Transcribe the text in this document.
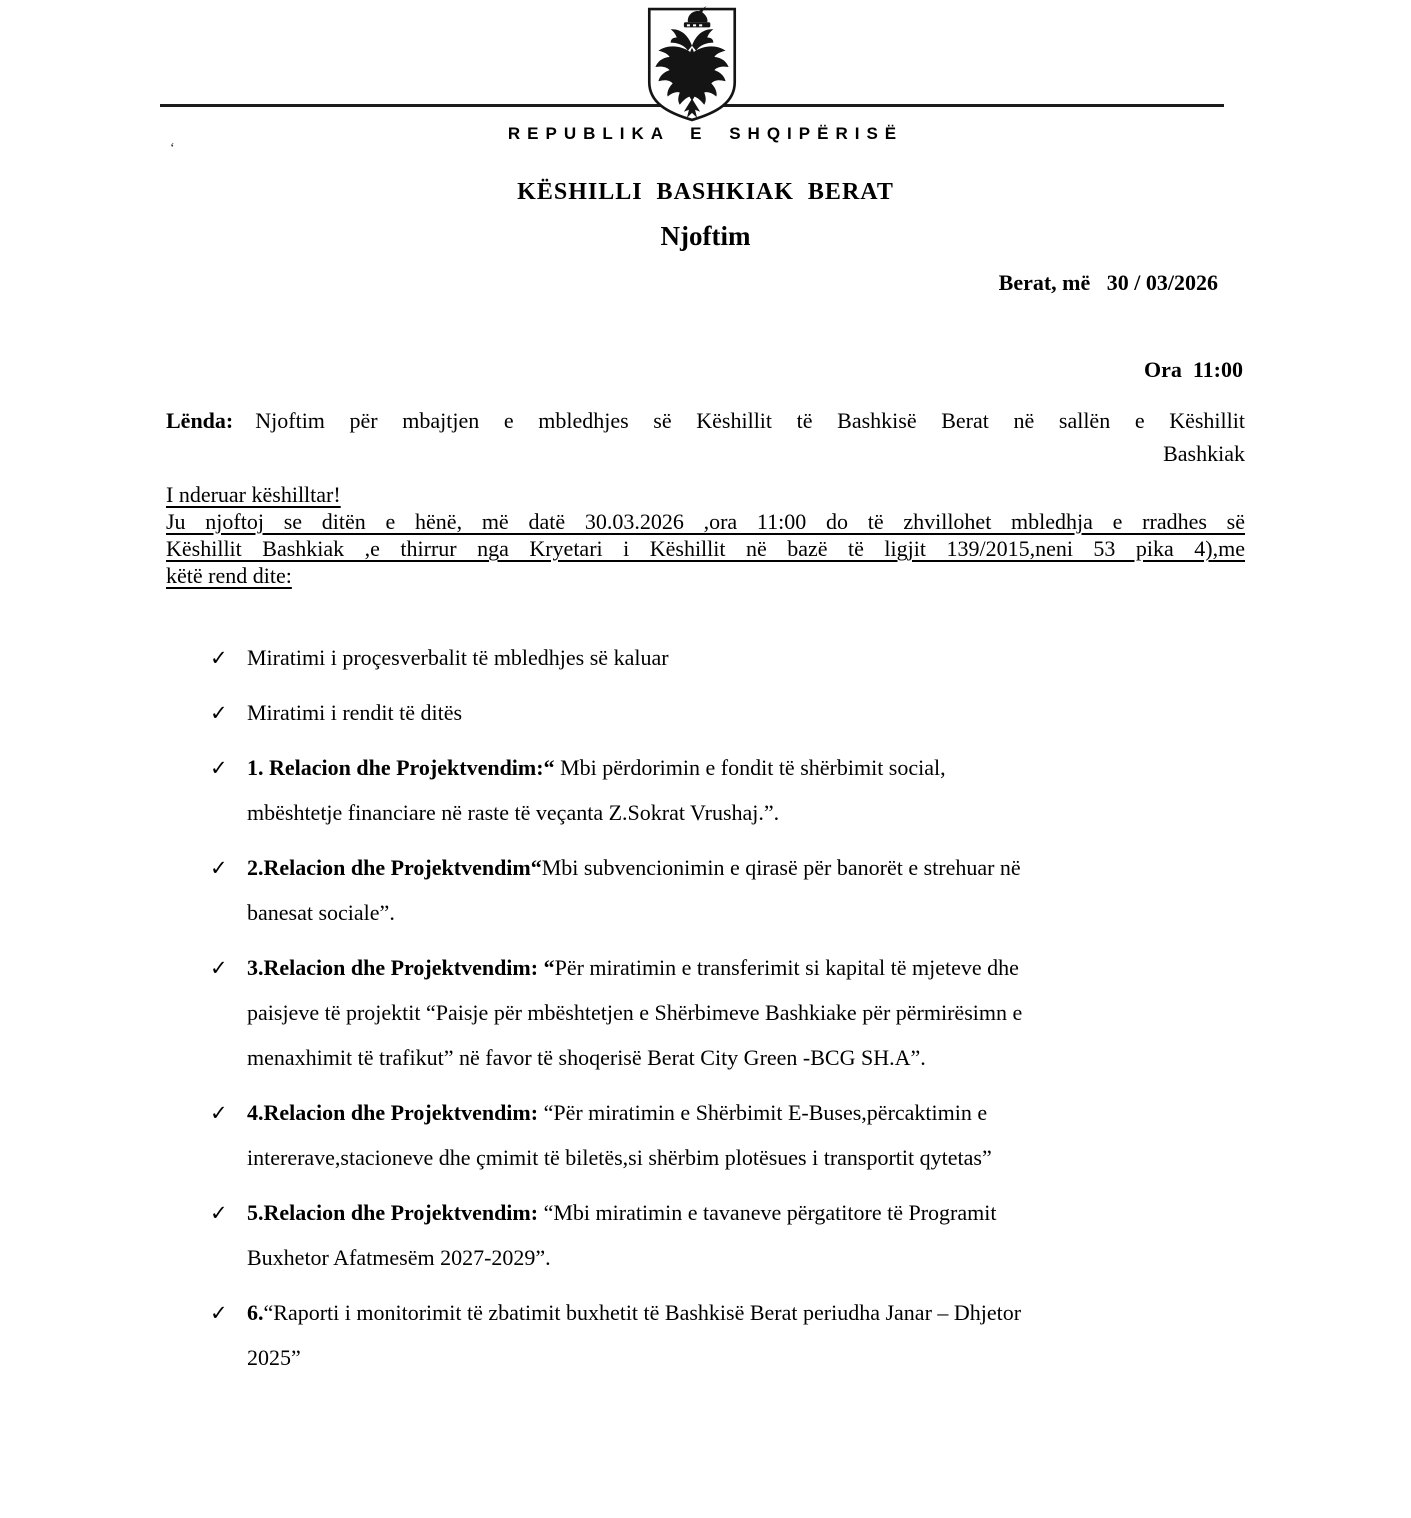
‘
REPUBLIKA E SHQIPËRISË
KËSHILLI  BASHKIAK  BERAT
Njoftim
Berat, më   30 / 03/2026
Ora  11:00
Lënda: Njoftim për mbajtjen e mbledhjes së Këshillit të Bashkisë Berat në sallën e Këshillit
Bashkiak
I nderuar këshilltar!
Ju njoftoj se ditën e hënë, më datë 30.03.2026 ,ora 11:00 do të zhvillohet mbledhja e rradhes së
Këshillit Bashkiak ,e thirrur nga Kryetari i Këshillit në bazë të ligjit 139/2015,neni 53 pika 4),me
këtë rend dite:
✓ Miratimi i proçesverbalit të mbledhjes së kaluar
✓ Miratimi i rendit të ditës
✓ 1. Relacion dhe Projektvendim:“ Mbi përdorimin e fondit të shërbimit social,
mbështetje financiare në raste të veçanta Z.Sokrat Vrushaj.”.
✓ 2.Relacion dhe Projektvendim“Mbi subvencionimin e qirasë për banorët e strehuar në
banesat sociale”.
✓ 3.Relacion dhe Projektvendim: “Për miratimin e transferimit si kapital të mjeteve dhe
paisjeve të projektit “Paisje për mbështetjen e Shërbimeve Bashkiake për përmirësimn e
menaxhimit të trafikut” në favor të shoqerisë Berat City Green -BCG SH.A”.
✓ 4.Relacion dhe Projektvendim: “Për miratimin e Shërbimit E-Buses,përcaktimin e
intererave,stacioneve dhe çmimit të biletës,si shërbim plotësues i transportit qytetas”
✓ 5.Relacion dhe Projektvendim: “Mbi miratimin e tavaneve përgatitore të Programit
Buxhetor Afatmesëm 2027-2029”.
✓ 6.“Raporti i monitorimit të zbatimit buxhetit të Bashkisë Berat periudha Janar – Dhjetor
2025”
